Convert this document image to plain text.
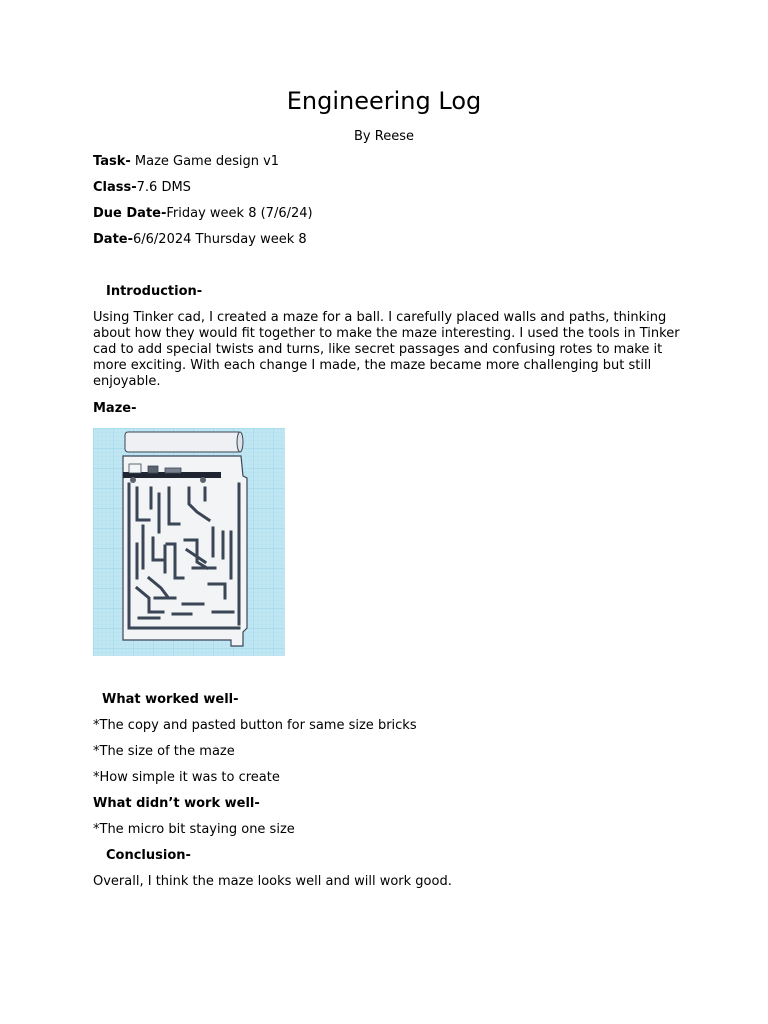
Engineering Log
By Reese
Task- Maze Game design v1
Class-7.6 DMS
Due Date-Friday week 8 (7/6/24)
Date-6/6/2024 Thursday week 8
Introduction-

Using Tinker cad, I created a maze for a ball. I carefully placed walls and paths, thinking about how they would fit together to make the maze interesting. I used the tools in Tinker cad to add special twists and turns, like secret passages and confusing rotes to make it more exciting. With each change I made, the maze became more challenging but still enjoyable.

Maze-
What worked well-
*The copy and pasted button for same size bricks
*The size of the maze
*How simple it was to create
What didn’t work well-
*The micro bit staying one size
Conclusion-
Overall, I think the maze looks well and will work good.
